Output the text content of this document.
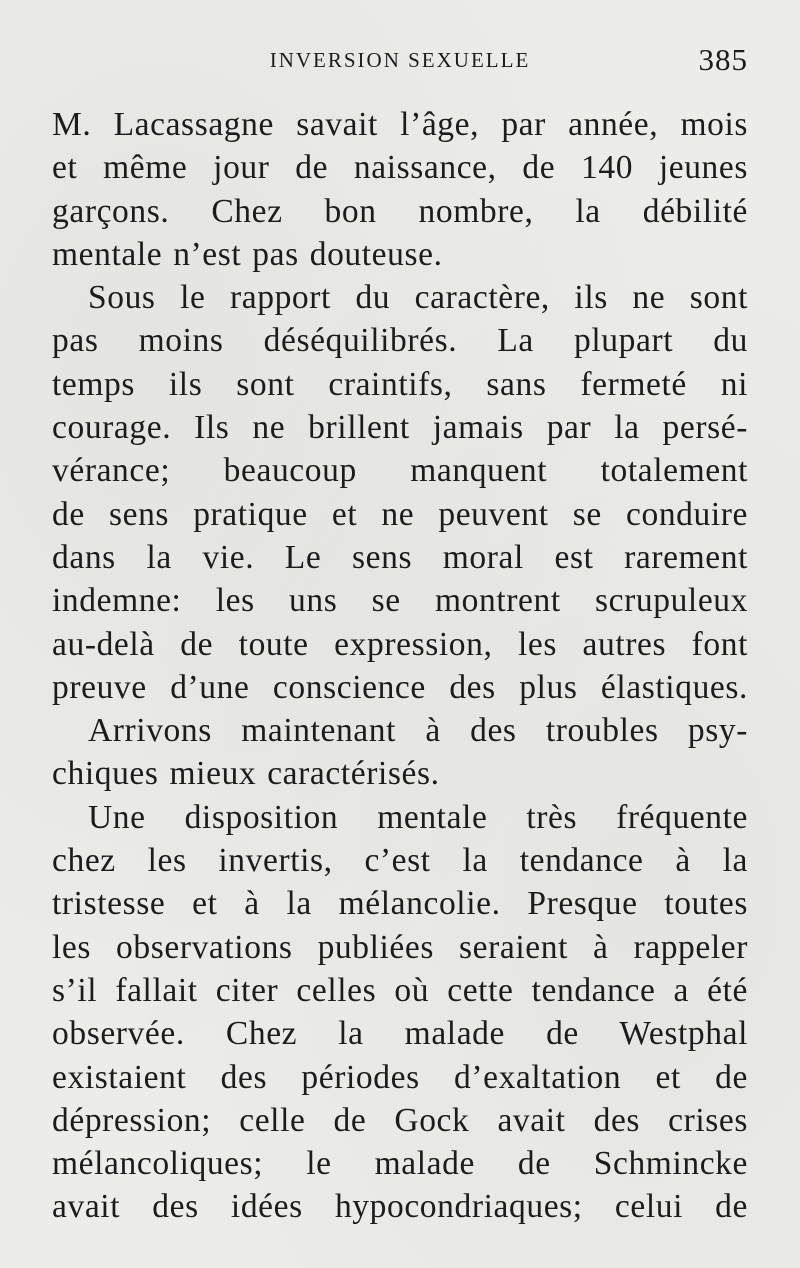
INVERSION SEXUELLE	385
M. Lacassagne savait l’âge, par année, mois
et même jour de naissance, de 140 jeunes
garçons. Chez bon nombre, la débilité
mentale n’est pas douteuse.
Sous le rapport du caractère, ils ne sont
pas moins déséquilibrés. La plupart du
temps ils sont craintifs, sans fermeté ni
courage. Ils ne brillent jamais par la persé-
vérance; beaucoup manquent totalement
de sens pratique et ne peuvent se conduire
dans la vie. Le sens moral est rarement
indemne: les uns se montrent scrupuleux
au-delà de toute expression, les autres font
preuve d’une conscience des plus élastiques.
Arrivons maintenant à des troubles psy-
chiques mieux caractérisés.
Une disposition mentale très fréquente
chez les invertis, c’est la tendance à la
tristesse et à la mélancolie. Presque toutes
les observations publiées seraient à rappeler
s’il fallait citer celles où cette tendance a été
observée. Chez la malade de Westphal
existaient des périodes d’exaltation et de
dépression; celle de Gock avait des crises
mélancoliques; le malade de Schmincke
avait des idées hypocondriaques; celui de
